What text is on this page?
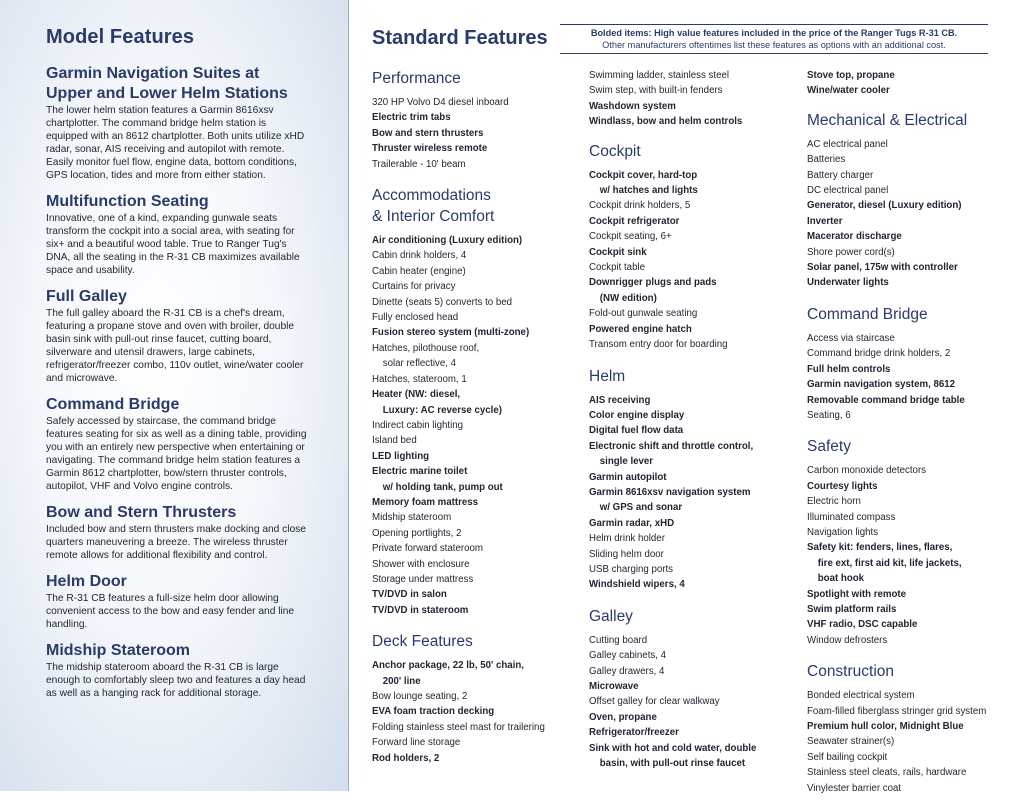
Model Features
Garmin Navigation Suites at Upper and Lower Helm Stations

The lower helm station features a Garmin 8616xsv chartplotter. The command bridge helm station is equipped with an 8612 chartplotter. Both units utilize xHD radar, sonar, AIS receiving and autopilot with remote. Easily monitor fuel flow, engine data, bottom conditions, GPS location, tides and more from either station.

Multifunction Seating

Innovative, one of a kind, expanding gunwale seats transform the cockpit into a social area, with seating for six+ and a beautiful wood table. True to Ranger Tug's DNA, all the seating in the R-31 CB maximizes available space and usability.

Full Galley

The full galley aboard the R-31 CB is a chef's dream, featuring a propane stove and oven with broiler, double basin sink with pull-out rinse faucet, cutting board, silverware and utensil drawers, large cabinets, refrigerator/freezer combo, 110v outlet, wine/water cooler and microwave.

Command Bridge

Safely accessed by staircase, the command bridge features seating for six as well as a dining table, providing you with an entirely new perspective when entertaining or navigating. The command bridge helm station features a Garmin 8612 chartplotter, bow/stern thruster controls, autopilot, VHF and Volvo engine controls.

Bow and Stern Thrusters

Included bow and stern thrusters make docking and close quarters maneuvering a breeze. The wireless thruster remote allows for additional flexibility and control.

Helm Door

The R-31 CB features a full-size helm door allowing convenient access to the bow and easy fender and line handling.

Midship Stateroom

The midship stateroom aboard the R-31 CB is large enough to comfortably sleep two and features a day head as well as a hanging rack for additional storage.

Standard Features	Bolded items: High value features included in the price of the Ranger Tugs R-31 CB.
Other manufacturers oftentimes list these features as options with an additional cost.
Performance
320 HP Volvo D4 diesel inboard
Electric trim tabs
Bow and stern thrusters
Thruster wireless remote
Trailerable - 10' beam
Accommodations
& Interior Comfort
Air conditioning (Luxury edition)
Cabin drink holders, 4
Cabin heater (engine)
Curtains for privacy
Dinette (seats 5) converts to bed
Fully enclosed head
Fusion stereo system (multi-zone)
Hatches, pilothouse roof,
solar reflective, 4
Hatches, stateroom, 1
Heater (NW: diesel,
Luxury: AC reverse cycle)
Indirect cabin lighting
Island bed
LED lighting
Electric marine toilet
w/ holding tank, pump out
Memory foam mattress
Midship stateroom
Opening portlights, 2
Private forward stateroom
Shower with enclosure
Storage under mattress
TV/DVD in salon
TV/DVD in stateroom
Deck Features
Anchor package, 22 lb, 50' chain,
200' line
Bow lounge seating, 2
EVA foam traction decking
Folding stainless steel mast for trailering
Forward line storage
Rod holders, 2
Swimming ladder, stainless steel
Swim step, with built-in fenders
Washdown system
Windlass, bow and helm controls
Cockpit
Cockpit cover, hard-top
w/ hatches and lights
Cockpit drink holders, 5
Cockpit refrigerator
Cockpit seating, 6+
Cockpit sink
Cockpit table
Downrigger plugs and pads
(NW edition)
Fold-out gunwale seating
Powered engine hatch
Transom entry door for boarding
Helm
AIS receiving
Color engine display
Digital fuel flow data
Electronic shift and throttle control,
single lever
Garmin autopilot
Garmin 8616xsv navigation system
w/ GPS and sonar
Garmin radar, xHD
Helm drink holder
Sliding helm door
USB charging ports
Windshield wipers, 4
Galley
Cutting board
Galley cabinets, 4
Galley drawers, 4
Microwave
Offset galley for clear walkway
Oven, propane
Refrigerator/freezer
Sink with hot and cold water, double
basin, with pull-out rinse faucet
Stove top, propane
Wine/water cooler
Mechanical & Electrical
AC electrical panel
Batteries
Battery charger
DC electrical panel
Generator, diesel (Luxury edition)
Inverter
Macerator discharge
Shore power cord(s)
Solar panel, 175w with controller
Underwater lights
Command Bridge
Access via staircase
Command bridge drink holders, 2
Full helm controls
Garmin navigation system, 8612
Removable command bridge table
Seating, 6
Safety
Carbon monoxide detectors
Courtesy lights
Electric horn
Illuminated compass
Navigation lights
Safety kit: fenders, lines, flares,
fire ext, first aid kit, life jackets,
boat hook
Spotlight with remote
Swim platform rails
VHF radio, DSC capable
Window defrosters
Construction
Bonded electrical system
Foam-filled fiberglass stringer grid system
Premium hull color, Midnight Blue
Seawater strainer(s)
Self bailing cockpit
Stainless steel cleats, rails, hardware
Vinylester barrier coat
